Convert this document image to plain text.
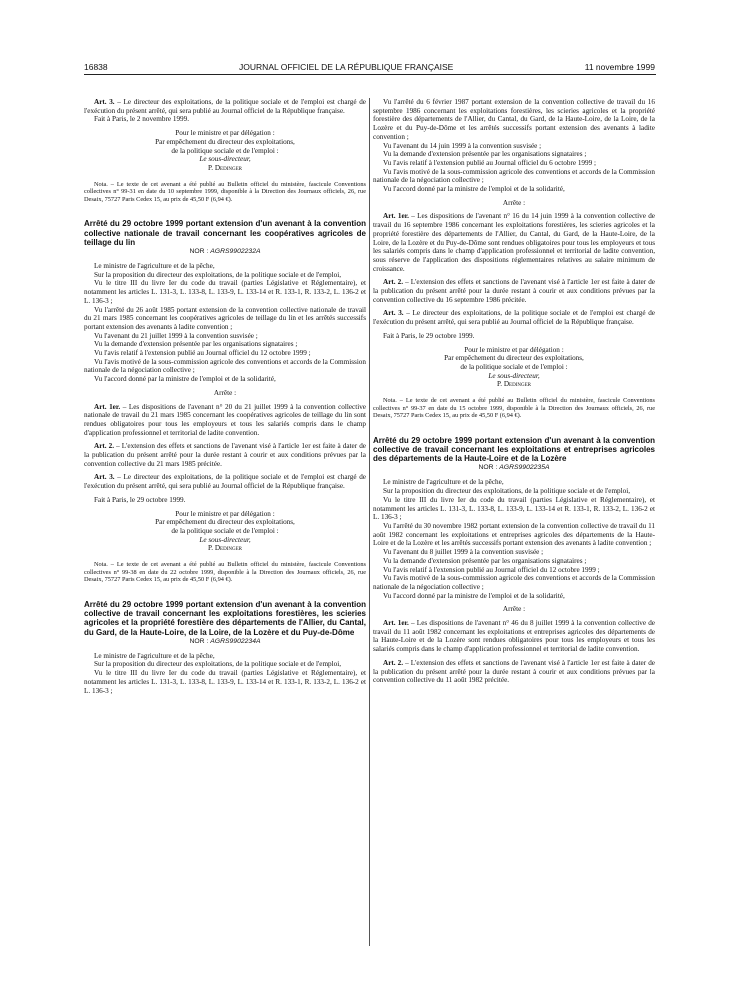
16838	JOURNAL OFFICIEL DE LA RÉPUBLIQUE FRANÇAISE	11 novembre 1999

Art. 3. – Le directeur des exploitations, de la politique sociale et de l'emploi est chargé de l'exécution du présent arrêté, qui sera publié au Journal officiel de la République française.

Fait à Paris, le 2 novembre 1999.

Pour le ministre et par délégation :

Par empêchement du directeur des exploitations,

de la politique sociale et de l'emploi :

Le sous-directeur,

P. Dedinger

Nota. – Le texte de cet avenant a été publié au Bulletin officiel du ministère, fascicule Conventions collectives n° 99-31 en date du 10 septembre 1999, disponible à la Direction des Journaux officiels, 26, rue Desaix, 75727 Paris Cedex 15, au prix de 45,50 F (6,94 €).

Arrêté du 29 octobre 1999 portant extension d'un avenant à la convention collective nationale de travail concernant les coopératives agricoles de teillage du lin

NOR : AGRS9902232A

Le ministre de l'agriculture et de la pêche,

Sur la proposition du directeur des exploitations, de la politique sociale et de l'emploi,

Vu le titre III du livre Ier du code du travail (parties Législative et Réglementaire), et notamment les articles L. 131-3, L. 133-8, L. 133-9, L. 133-14 et R. 133-1, R. 133-2, L. 136-2 et L. 136-3 ;

Vu l'arrêté du 26 août 1985 portant extension de la convention collective nationale de travail du 21 mars 1985 concernant les coopératives agricoles de teillage du lin et les arrêtés successifs portant extension des avenants à ladite convention ;

Vu l'avenant du 21 juillet 1999 à la convention susvisée ;

Vu la demande d'extension présentée par les organisations signataires ;

Vu l'avis relatif à l'extension publié au Journal officiel du 12 octobre 1999 ;

Vu l'avis motivé de la sous-commission agricole des conventions et accords de la Commission nationale de la négociation collective ;

Vu l'accord donné par la ministre de l'emploi et de la solidarité,

Arrête :

Art. 1er. – Les dispositions de l'avenant n° 20 du 21 juillet 1999 à la convention collective nationale de travail du 21 mars 1985 concernant les coopératives agricoles de teillage du lin sont rendues obligatoires pour tous les employeurs et tous les salariés compris dans le champ d'application professionnel et territorial de ladite convention.

Art. 2. – L'extension des effets et sanctions de l'avenant visé à l'article 1er est faite à dater de la publication du présent arrêté pour la durée restant à courir et aux conditions prévues par la convention collective du 21 mars 1985 précitée.

Art. 3. – Le directeur des exploitations, de la politique sociale et de l'emploi est chargé de l'exécution du présent arrêté, qui sera publié au Journal officiel de la République française.

Fait à Paris, le 29 octobre 1999.

Pour le ministre et par délégation :

Par empêchement du directeur des exploitations,

de la politique sociale et de l'emploi :

Le sous-directeur,

P. Dedinger

Nota. – Le texte de cet avenant a été publié au Bulletin officiel du ministère, fascicule Conventions collectives n° 99-38 en date du 22 octobre 1999, disponible à la Direction des Journaux officiels, 26, rue Desaix, 75727 Paris Cedex 15, au prix de 45,50 F (6,94 €).

Arrêté du 29 octobre 1999 portant extension d'un avenant à la convention collective de travail concernant les exploitations forestières, les scieries agricoles et la propriété forestière des départements de l'Allier, du Cantal, du Gard, de la Haute-Loire, de la Loire, de la Lozère et du Puy-de-Dôme

NOR : AGRS9902234A

Le ministre de l'agriculture et de la pêche,

Sur la proposition du directeur des exploitations, de la politique sociale et de l'emploi,

Vu le titre III du livre Ier du code du travail (parties Législative et Réglementaire), et notamment les articles L. 131-3, L. 133-8, L. 133-9, L. 133-14 et R. 133-1, R. 133-2, L. 136-2 et L. 136-3 ;

Vu l'arrêté du 6 février 1987 portant extension de la convention collective de travail du 16 septembre 1986 concernant les exploitations forestières, les scieries agricoles et la propriété forestière des départements de l'Allier, du Cantal, du Gard, de la Haute-Loire, de la Loire, de la Lozère et du Puy-de-Dôme et les arrêtés successifs portant extension des avenants à ladite convention ;

Vu l'avenant du 14 juin 1999 à la convention susvisée ;

Vu la demande d'extension présentée par les organisations signataires ;

Vu l'avis relatif à l'extension publié au Journal officiel du 6 octobre 1999 ;

Vu l'avis motivé de la sous-commission agricole des conventions et accords de la Commission nationale de la négociation collective ;

Vu l'accord donné par la ministre de l'emploi et de la solidarité,

Arrête :

Art. 1er. – Les dispositions de l'avenant n° 16 du 14 juin 1999 à la convention collective de travail du 16 septembre 1986 concernant les exploitations forestières, les scieries agricoles et la propriété forestière des départements de l'Allier, du Cantal, du Gard, de la Haute-Loire, de la Loire, de la Lozère et du Puy-de-Dôme sont rendues obligatoires pour tous les employeurs et tous les salariés compris dans le champ d'application professionnel et territorial de ladite convention, sous réserve de l'application des dispositions réglementaires relatives au salaire minimum de croissance.

Art. 2. – L'extension des effets et sanctions de l'avenant visé à l'article 1er est faite à dater de la publication du présent arrêté pour la durée restant à courir et aux conditions prévues par la convention collective du 16 septembre 1986 précitée.

Art. 3. – Le directeur des exploitations, de la politique sociale et de l'emploi est chargé de l'exécution du présent arrêté, qui sera publié au Journal officiel de la République française.

Fait à Paris, le 29 octobre 1999.

Pour le ministre et par délégation :

Par empêchement du directeur des exploitations,

de la politique sociale et de l'emploi :

Le sous-directeur,

P. Dedinger

Nota. – Le texte de cet avenant a été publié au Bulletin officiel du ministère, fascicule Conventions collectives n° 99-37 en date du 15 octobre 1999, disponible à la Direction des Journaux officiels, 26, rue Desaix, 75727 Paris Cedex 15, au prix de 45,50 F (6,94 €).

Arrêté du 29 octobre 1999 portant extension d'un avenant à la convention collective de travail concernant les exploitations et entreprises agricoles des départements de la Haute-Loire et de la Lozère

NOR : AGRS9902235A

Le ministre de l'agriculture et de la pêche,

Sur la proposition du directeur des exploitations, de la politique sociale et de l'emploi,

Vu le titre III du livre Ier du code du travail (parties Législative et Réglementaire), et notamment les articles L. 131-3, L. 133-8, L. 133-9, L. 133-14 et R. 133-1, R. 133-2, L. 136-2 et L. 136-3 ;

Vu l'arrêté du 30 novembre 1982 portant extension de la convention collective de travail du 11 août 1982 concernant les exploitations et entreprises agricoles des départements de la Haute-Loire et de la Lozère et les arrêtés successifs portant extension des avenants à ladite convention ;

Vu l'avenant du 8 juillet 1999 à la convention susvisée ;

Vu la demande d'extension présentée par les organisations signataires ;

Vu l'avis relatif à l'extension publié au Journal officiel du 12 octobre 1999 ;

Vu l'avis motivé de la sous-commission agricole des conventions et accords de la Commission nationale de la négociation collective ;

Vu l'accord donné par la ministre de l'emploi et de la solidarité,

Arrête :

Art. 1er. – Les dispositions de l'avenant n° 46 du 8 juillet 1999 à la convention collective de travail du 11 août 1982 concernant les exploitations et entreprises agricoles des départements de la Haute-Loire et de la Lozère sont rendues obligatoires pour tous les employeurs et tous les salariés compris dans le champ d'application professionnel et territorial de ladite convention.

Art. 2. – L'extension des effets et sanctions de l'avenant visé à l'article 1er est faite à dater de la publication du présent arrêté pour la durée restant à courir et aux conditions prévues par la convention collective du 11 août 1982 précitée.
